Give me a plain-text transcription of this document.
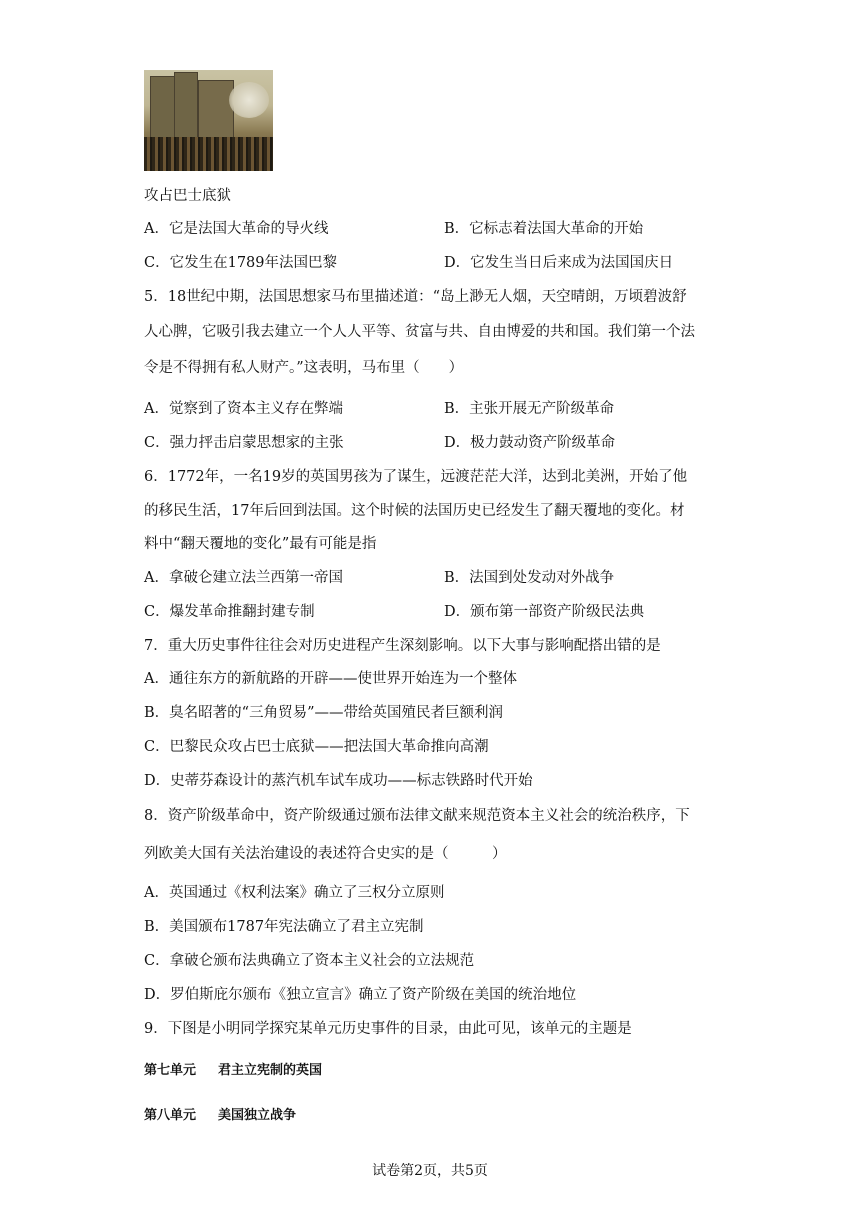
攻占巴士底狱
A．它是法国大革命的导火线	B．它标志着法国大革命的开始
C．它发生在1789年法国巴黎	D．它发生当日后来成为法国国庆日
5．18世纪中期，法国思想家马布里描述道：“岛上渺无人烟，天空晴朗，万顷碧波舒
人心脾，它吸引我去建立一个人人平等、贫富与共、自由博爱的共和国。我们第一个法
令是不得拥有私人财产。”这表明，马布里（　　）
A．觉察到了资本主义存在弊端	B．主张开展无产阶级革命
C．强力抨击启蒙思想家的主张	D．极力鼓动资产阶级革命
6．1772年，一名19岁的英国男孩为了谋生，远渡茫茫大洋，达到北美洲，开始了他
的移民生活，17年后回到法国。这个时候的法国历史已经发生了翻天覆地的变化。材
料中“翻天覆地的变化”最有可能是指
A．拿破仑建立法兰西第一帝国	B．法国到处发动对外战争
C．爆发革命推翻封建专制	D．颁布第一部资产阶级民法典
7．重大历史事件往往会对历史进程产生深刻影响。以下大事与影响配搭出错的是
A．通往东方的新航路的开辟——使世界开始连为一个整体
B．臭名昭著的“三角贸易”——带给英国殖民者巨额利润
C．巴黎民众攻占巴士底狱——把法国大革命推向高潮
D．史蒂芬森设计的蒸汽机车试车成功——标志铁路时代开始
8．资产阶级革命中，资产阶级通过颁布法律文献来规范资本主义社会的统治秩序，下
列欧美大国有关法治建设的表述符合史实的是（　　　）
A．英国通过《权利法案》确立了三权分立原则
B．美国颁布1787年宪法确立了君主立宪制
C．拿破仑颁布法典确立了资本主义社会的立法规范
D．罗伯斯庇尔颁布《独立宣言》确立了资产阶级在美国的统治地位
9．下图是小明同学探究某单元历史事件的目录，由此可见，该单元的主题是
第七单元 君主立宪制的英国
第八单元 美国独立战争
试卷第2页，共5页
